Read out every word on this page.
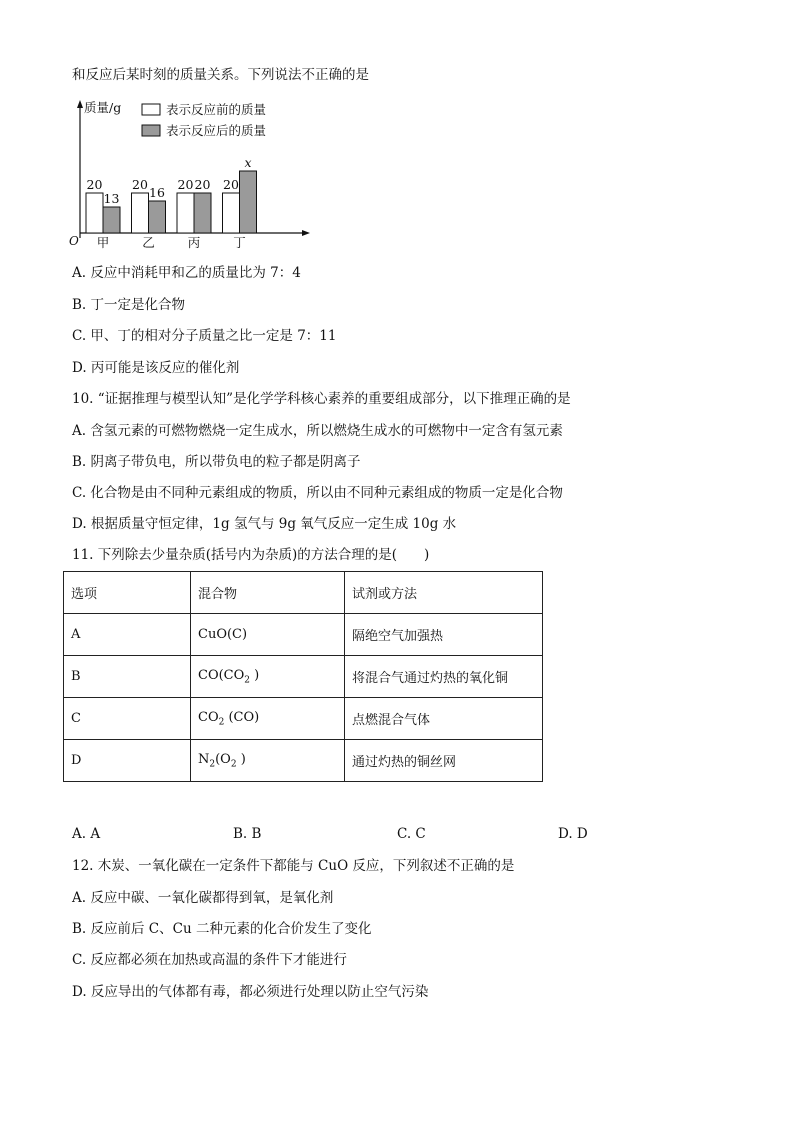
和反应后某时刻的质量关系。下列说法不正确的是
质量/g
O
表示反应前的质量
表示反应后的质量
20
13
甲
20
16
乙
20 20
丙
20
x
丁
A. 反应中消耗甲和乙的质量比为 7：4
B. 丁一定是化合物
C. 甲、丁的相对分子质量之比一定是 7：11
D. 丙可能是该反应的催化剂
10. “证据推理与模型认知”是化学学科核心素养的重要组成部分，以下推理正确的是
A. 含氢元素的可燃物燃烧一定生成水，所以燃烧生成水的可燃物中一定含有氢元素
B. 阴离子带负电，所以带负电的粒子都是阴离子
C. 化合物是由不同种元素组成的物质，所以由不同种元素组成的物质一定是化合物
D. 根据质量守恒定律，1g 氢气与 9g 氧气反应一定生成 10g 水
11. 下列除去少量杂质(括号内为杂质)的方法合理的是(　　)
选项	混合物	试剂或方法
A	CuO(C)	隔绝空气加强热
B	$CO(CO_2$ )	将混合气通过灼热的氧化铜
C	$CO_2$ (CO)	点燃混合气体
D	$N_2(O_2$ )	通过灼热的铜丝网
A. A	B. B	C. C	D. D
12. 木炭、一氧化碳在一定条件下都能与 CuO 反应，下列叙述不正确的是
A. 反应中碳、一氧化碳都得到氧，是氧化剂
B. 反应前后 C、Cu 二种元素的化合价发生了变化
C. 反应都必须在加热或高温的条件下才能进行
D. 反应导出的气体都有毒，都必须进行处理以防止空气污染
